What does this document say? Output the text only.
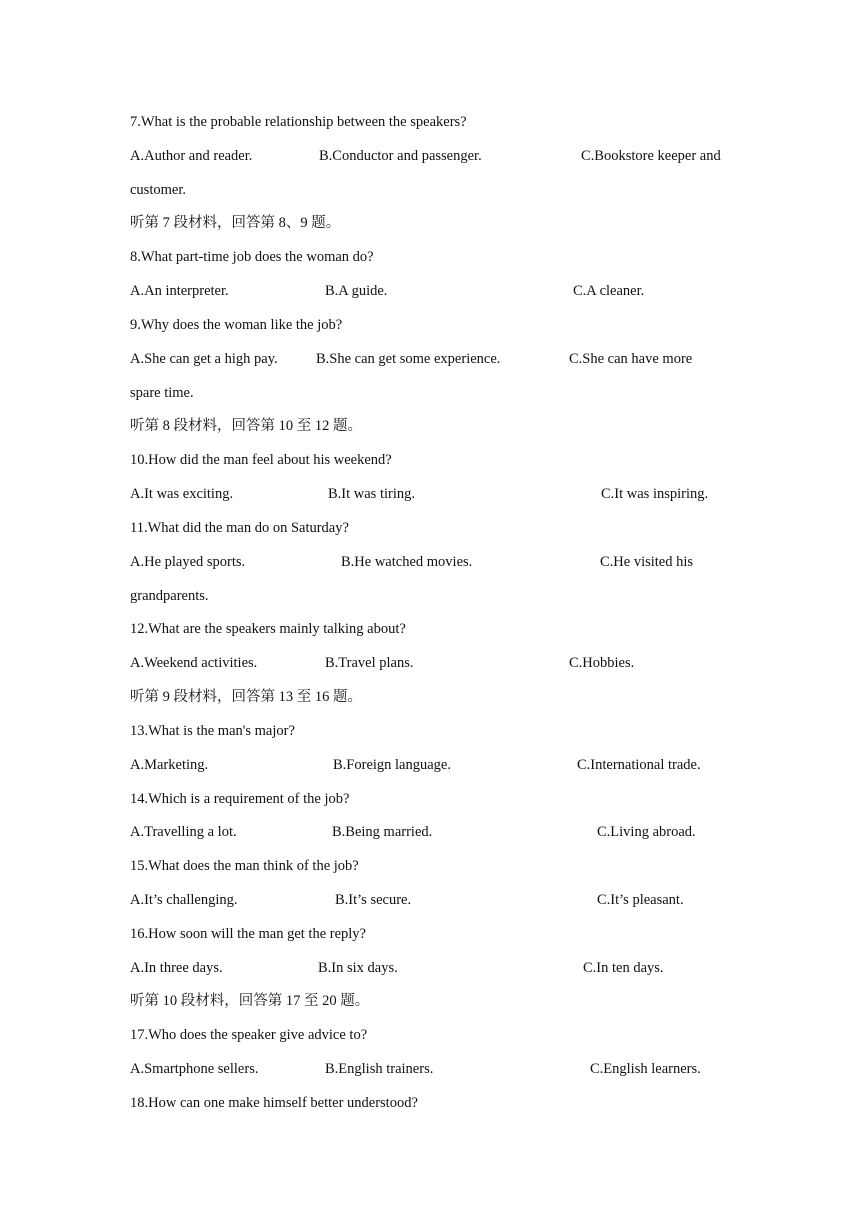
7.What is the probable relationship between the speakers?
A.Author and reader.	B.Conductor and passenger.	C.Bookstore keeper and
customer.
听第 7 段材料，回答第 8、9 题。
8.What part-time job does the woman do?
A.An interpreter.	B.A guide.	C.A cleaner.
9.Why does the woman like the job?
A.She can get a high pay.	B.She can get some experience.	C.She can have more
spare time.
听第 8 段材料，回答第 10 至 12 题。
10.How did the man feel about his weekend?
A.It was exciting.	B.It was tiring.	C.It was inspiring.
11.What did the man do on Saturday?
A.He played sports.	B.He watched movies.	C.He visited his
grandparents.
12.What are the speakers mainly talking about?
A.Weekend activities.	B.Travel plans.	C.Hobbies.
听第 9 段材料，回答第 13 至 16 题。
13.What is the man's major?
A.Marketing.	B.Foreign language.	C.International trade.
14.Which is a requirement of the job?
A.Travelling a lot.	B.Being married.	C.Living abroad.
15.What does the man think of the job?
A.It’s challenging.	B.It’s secure.	C.It’s pleasant.
16.How soon will the man get the reply?
A.In three days.	B.In six days.	C.In ten days.
听第 10 段材料，回答第 17 至 20 题。
17.Who does the speaker give advice to?
A.Smartphone sellers.	B.English trainers.	C.English learners.
18.How can one make himself better understood?
